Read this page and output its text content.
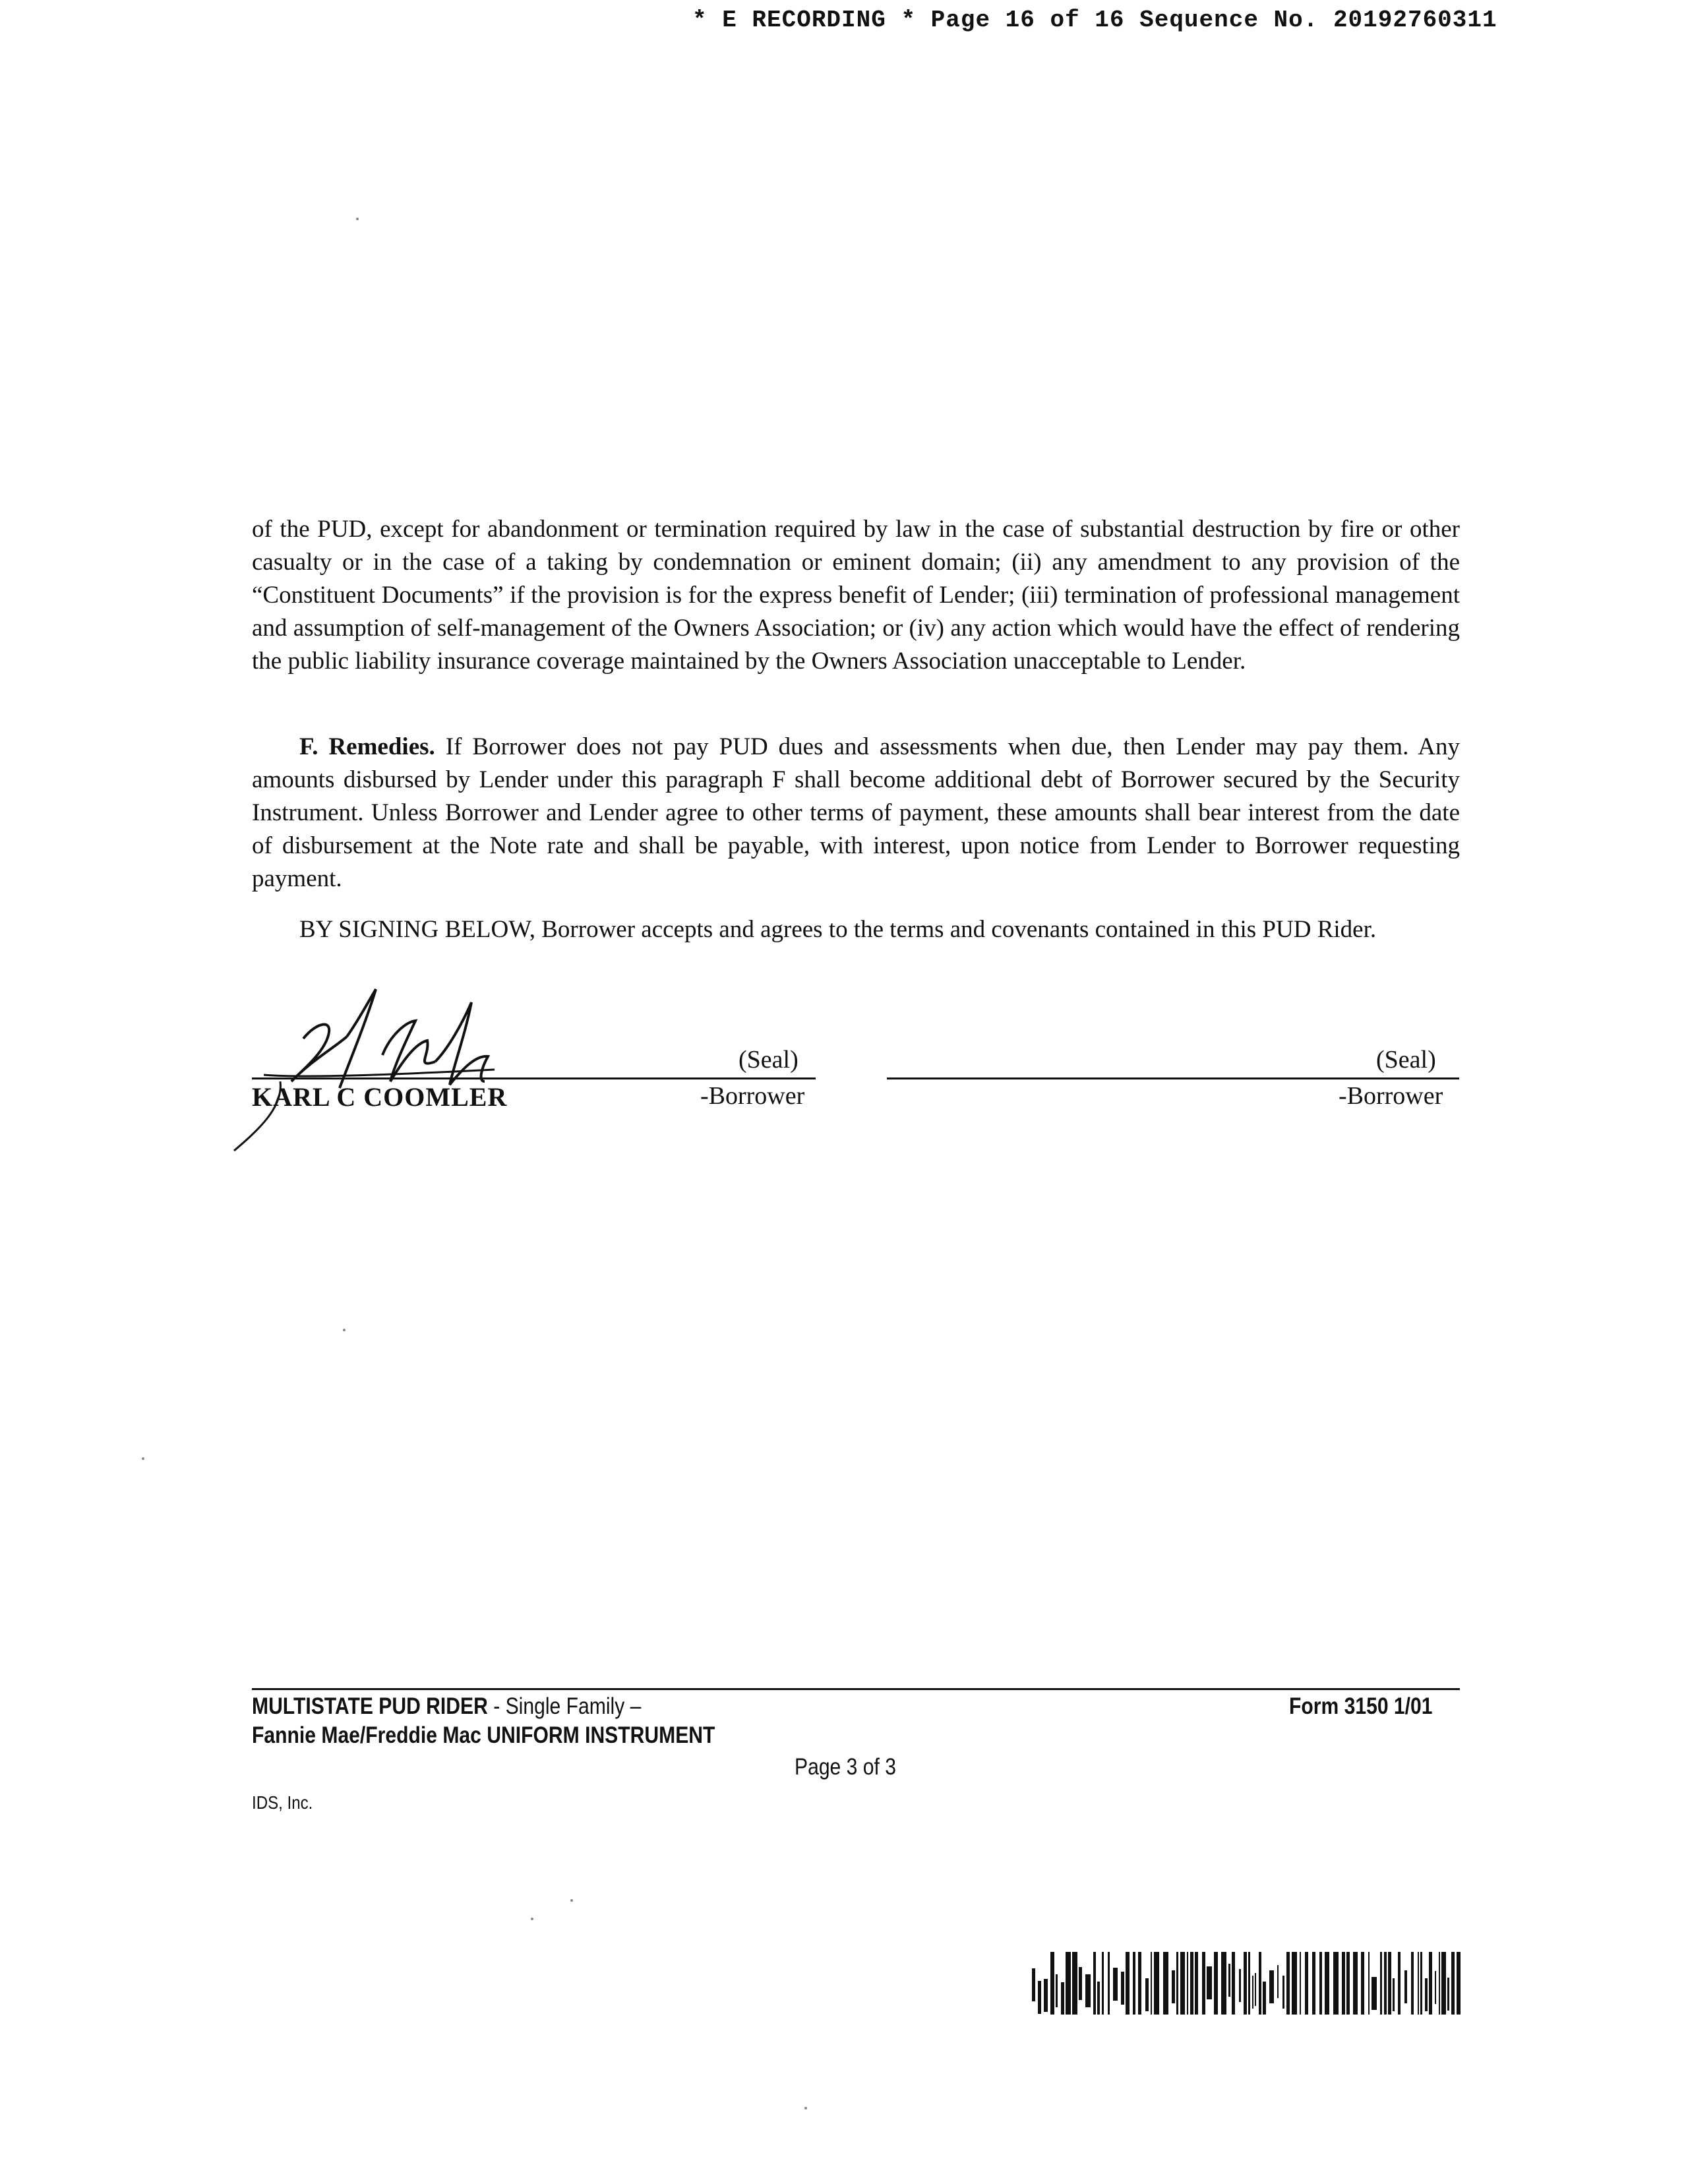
* E RECORDING * Page 16 of 16 Sequence No. 20192760311

of the PUD, except for abandonment or termination required by law in the case of substantial destruction by fire or other casualty or in the case of a taking by condemnation or eminent domain; (ii) any amendment to any provision of the “Constituent Documents” if the provision is for the express benefit of Lender; (iii) termination of professional management and assumption of self-management of the Owners Association; or (iv) any action which would have the effect of rendering the public liability insurance coverage maintained by the Owners Association unacceptable to Lender.

F. Remedies. If Borrower does not pay PUD dues and assessments when due, then Lender may pay them. Any amounts disbursed by Lender under this paragraph F shall become additional debt of Borrower secured by the Security Instrument. Unless Borrower and Lender agree to other terms of payment, these amounts shall bear interest from the date of disbursement at the Note rate and shall be payable, with interest, upon notice from Lender to Borrower requesting payment.

BY SIGNING BELOW, Borrower accepts and agrees to the terms and covenants contained in this PUD Rider.

(Seal)
KARL C COOMLER	-Borrower
(Seal)
-Borrower
MULTISTATE PUD RIDER - Single Family –
Fannie Mae/Freddie Mac UNIFORM INSTRUMENT
Form 3150 1/01
Page 3 of 3
IDS, Inc.
